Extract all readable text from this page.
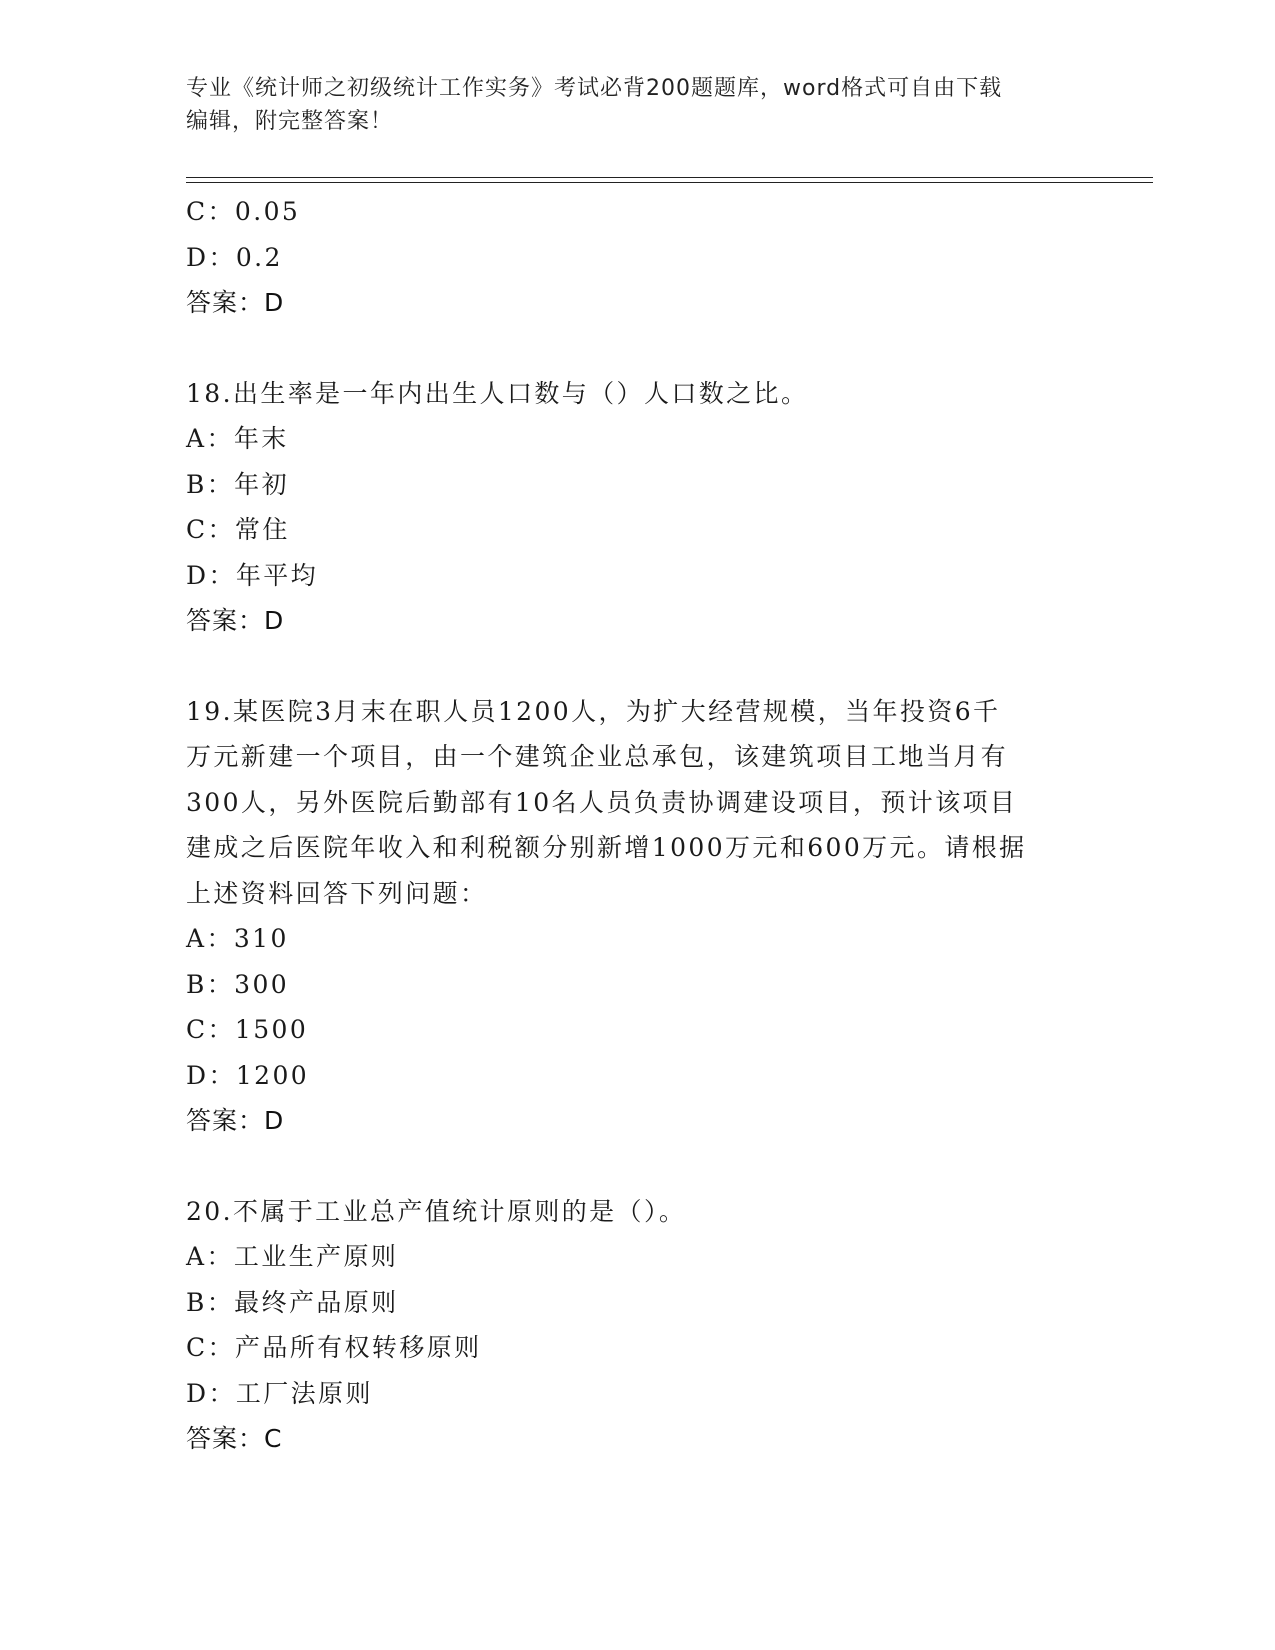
专业《统计师之初级统计工作实务》考试必背200题题库，word格式可自由下载
编辑，附完整答案！
C：0.05
D：0.2
答案：D
18.出生率是一年内出生人口数与（）人口数之比。
A：年末
B：年初
C：常住
D：年平均
答案：D
19.某医院3月末在职人员1200人，为扩大经营规模，当年投资6千
万元新建一个项目，由一个建筑企业总承包，该建筑项目工地当月有
300人，另外医院后勤部有10名人员负责协调建设项目，预计该项目
建成之后医院年收入和利税额分别新增1000万元和600万元。请根据
上述资料回答下列问题：
A：310
B：300
C：1500
D：1200
答案：D
20.不属于工业总产值统计原则的是（）。
A：工业生产原则
B：最终产品原则
C：产品所有权转移原则
D：工厂法原则
答案：C
